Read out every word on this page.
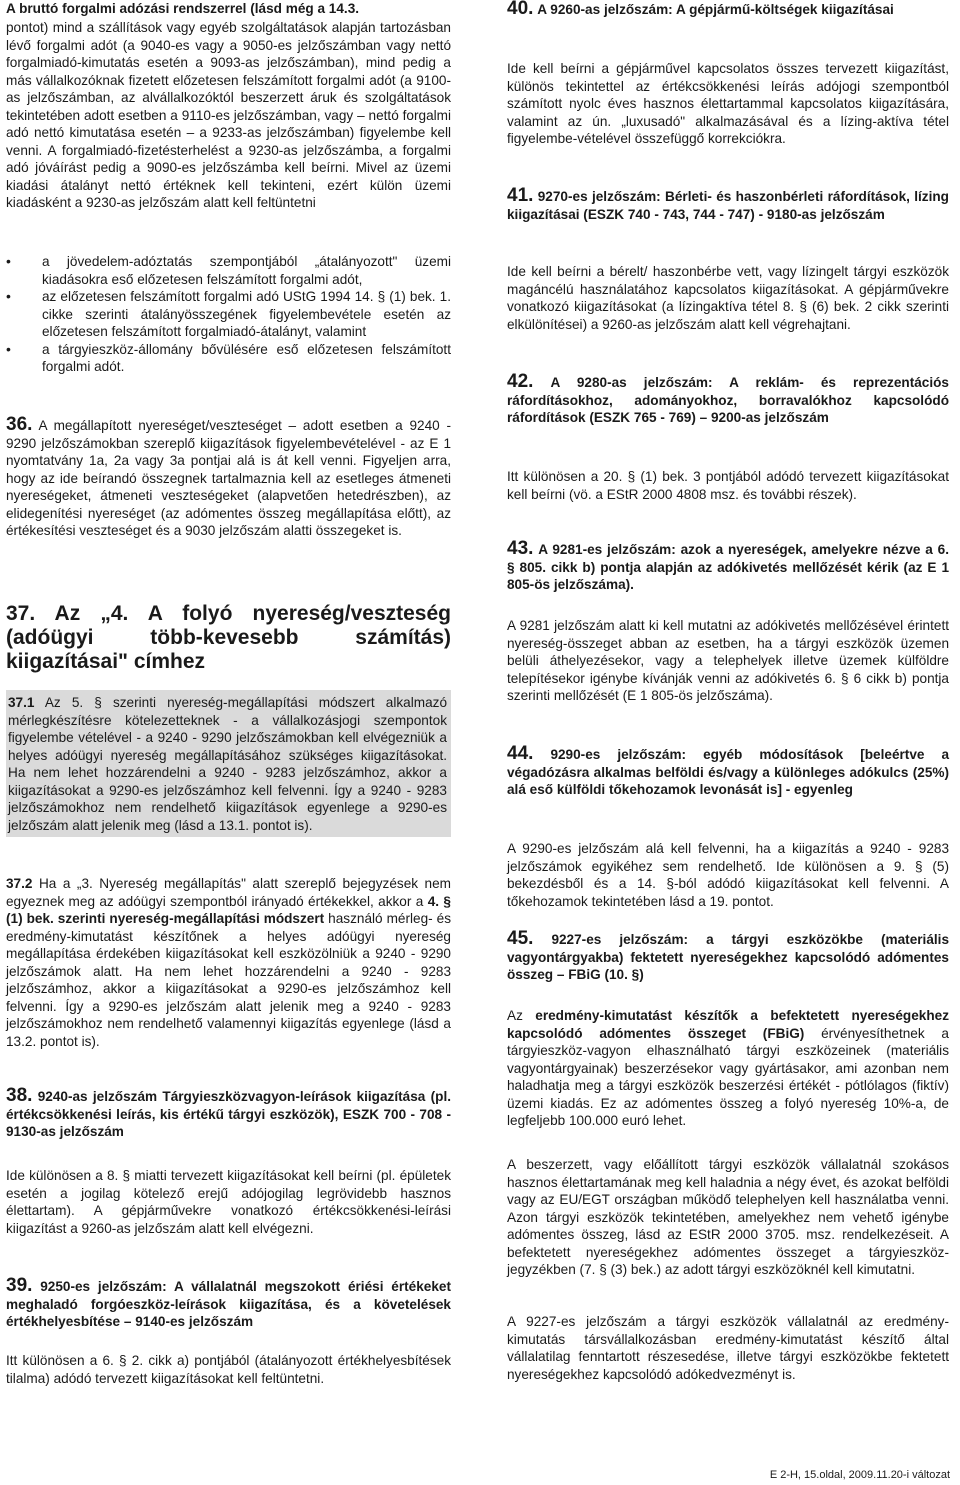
A bruttó forgalmi adózási rendszerrel (lásd még a 14.3.

pontot) mind a szállítások vagy egyéb szolgáltatások alapján tartozásban lévő forgalmi adót (a 9040-es vagy a 9050-es jelzőszámban vagy nettó forgalmiadó-kimutatás esetén a 9093-as jelzőszámban), mind pedig a más vállalkozóknak fizetett előzetesen felszámított forgalmi adót (a 9100-as jelzőszámban, az alvállalkozóktól beszerzett áruk és szolgáltatások tekintetében adott esetben a 9110-es jelzőszámban, vagy – nettó forgalmi adó nettó kimutatása esetén – a 9233-as jelzőszámban) figyelembe kell venni. A forgalmiadó-fizetésterhelést a 9230-as jelzőszámba, a forgalmi adó jóváírást pedig a 9090-es jelzőszámba kell beírni. Mivel az üzemi kiadási átalányt nettó értéknek kell tekinteni, ezért külön üzemi kiadásként a 9230-as jelzőszám alatt kell feltüntetni

• a jövedelem-adóztatás szempontjából „átalányozott" üzemi kiadásokra eső előzetesen felszámított forgalmi adót,
• az előzetesen felszámított forgalmi adó UStG 1994 14. § (1) bek. 1. cikke szerinti átalányösszegének figyelembevétele esetén az előzetesen felszámított forgalmiadó-átalányt, valamint
• a tárgyieszköz-állomány bővülésére eső előzetesen felszámított forgalmi adót.

36. A megállapított nyereséget/veszteséget – adott esetben a 9240 - 9290 jelzőszámokban szereplő kiigazítások figyelembevételével - az E 1 nyomtatvány 1a, 2a vagy 3a pontjai alá is át kell venni. Figyeljen arra, hogy az ide beírandó összegnek tartalmaznia kell az esetleges átmeneti nyereségeket, átmeneti veszteségeket (alapvetően hetedrészben), az elidegenítési nyereséget (az adómentes összeg megállapítása előtt), az értékesítési veszteséget és a 9030 jelzőszám alatti összegeket is.

37. Az „4. A folyó nyereség/veszteség (adóügyi több-kevesebb számítás) kiigazításai" címhez

37.1 Az 5. § szerinti nyereség-megállapítási módszert alkalmazó mérlegkészítésre kötelezetteknek - a vállalkozásjogi szempontok figyelembe vételével - a 9240 - 9290 jelzőszámokban kell elvégezniük a helyes adóügyi nyereség megállapításához szükséges kiigazításokat. Ha nem lehet hozzárendelni a 9240 - 9283 jelzőszámhoz, akkor a kiigazításokat a 9290-es jelzőszámhoz kell felvenni. Így a 9240 - 9283 jelzőszámokhoz nem rendelhető kiigazítások egyenlege a 9290-es jelzőszám alatt jelenik meg (lásd a 13.1. pontot is).

37.2 Ha a „3. Nyereség megállapítás" alatt szereplő bejegyzések nem egyeznek meg az adóügyi szempontból irányadó értékekkel, akkor a 4. § (1) bek. szerinti nyereség-megállapítási módszert használó mérleg- és eredmény-kimutatást készítőnek a helyes adóügyi nyereség megállapítása érdekében kiigazításokat kell eszközölniük a 9240 - 9290 jelzőszámok alatt. Ha nem lehet hozzárendelni a 9240 - 9283 jelzőszámhoz, akkor a kiigazításokat a 9290-es jelzőszámhoz kell felvenni. Így a 9290-es jelzőszám alatt jelenik meg a 9240 - 9283 jelzőszámokhoz nem rendelhető valamennyi kiigazítás egyenlege (lásd a 13.2. pontot is).

38. 9240-as jelzőszám Tárgyieszközvagyon-leírások kiigazítása (pl. értékcsökkenési leírás, kis értékű tárgyi eszközök), ESZK 700 - 708 - 9130-as jelzőszám

Ide különösen a 8. § miatti tervezett kiigazításokat kell beírni (pl. épületek esetén a jogilag kötelező erejű adójogilag legrövidebb hasznos élettartam). A gépjárművekre vonatkozó értékcsökkenési-leírási kiigazítást a 9260-as jelzőszám alatt kell elvégezni.

39. 9250-es jelzőszám: A vállalatnál megszokott ériési értékeket meghaladó forgóeszköz-leírások kiigazítása, és a követelések értékhelyesbítése – 9140-es jelzőszám

Itt különösen a 6. § 2. cikk a) pontjából (átalányozott értékhelyesbítések tilalma) adódó tervezett kiigazításokat kell feltüntetni.

40. A 9260-as jelzőszám: A gépjármű-költségek kiigazításai

Ide kell beírni a gépjárművel kapcsolatos összes tervezett kiigazítást, különös tekintettel az értékcsökkenési leírás adójogi szempontból számított nyolc éves hasznos élettartammal kapcsolatos kiigazítására, valamint az ún. „luxusadó" alkalmazásával és a lízing-aktíva tétel figyelembe-vételével összefüggő korrekciókra.

41. 9270-es jelzőszám: Bérleti- és haszonbérleti ráfordítások, lízing kiigazításai (ESZK 740 - 743, 744 - 747) - 9180-as jelzőszám

Ide kell beírni a bérelt/ haszonbérbe vett, vagy lízingelt tárgyi eszközök magáncélú használatához kapcsolatos kiigazításokat. A gépjárművekre vonatkozó kiigazításokat (a lízingaktíva tétel 8. § (6) bek. 2 cikk szerinti elkülönítései) a 9260-as jelzőszám alatt kell végrehajtani.

42. A 9280-as jelzőszám: A reklám- és reprezentációs ráfordításokhoz, adományokhoz, borravalókhoz kapcsolódó ráfordítások (ESZK 765 - 769) – 9200-as jelzőszám

Itt különösen a 20. § (1) bek. 3 pontjából adódó tervezett kiigazításokat kell beírni (vö. a EStR 2000 4808 msz. és további részek).

43. A 9281-es jelzőszám: azok a nyereségek, amelyekre nézve a 6. § 805. cikk b) pontja alapján az adókivetés mellőzését kérik (az E 1 805-ös jelzőszáma).

A 9281 jelzőszám alatt ki kell mutatni az adókivetés mellőzésével érintett nyereség-összeget abban az esetben, ha a tárgyi eszközök üzemen belüli áthelyezésekor, vagy a telephelyek illetve üzemek külföldre telepítésekor igénybe kívánják venni az adókivetés 6. § 6 cikk b) pontja szerinti mellőzését (E 1 805-ös jelzőszáma).

44. 9290-es jelzőszám: egyéb módosítások [beleértve a végadózásra alkalmas belföldi és/vagy a különleges adókulcs (25%) alá eső külföldi tőkehozamok levonását is] - egyenleg

A 9290-es jelzőszám alá kell felvenni, ha a kiigazítás a 9240 - 9283 jelzőszámok egyikéhez sem rendelhető. Ide különösen a 9. § (5) bekezdésből és a 14. §-ból adódó kiigazításokat kell felvenni. A tőkehozamok tekintetében lásd a 19. pontot.

45. 9227-es jelzőszám: a tárgyi eszközökbe (materiális vagyontárgyakba) fektetett nyereségekhez kapcsolódó adómentes összeg – FBiG (10. §)

Az eredmény-kimutatást készítők a befektetett nyereségekhez kapcsolódó adómentes összeget (FBiG) érvényesíthetnek a tárgyieszköz-vagyon elhasználható tárgyi eszközeinek (materiális vagyontárgyainak) beszerzésekor vagy gyártásakor, ami azonban nem haladhatja meg a tárgyi eszközök beszerzési értékét - pótlólagos (fiktív) üzemi kiadás. Ez az adómentes összeg a folyó nyereség 10%-a, de legfeljebb 100.000 euró lehet.

A beszerzett, vagy előállított tárgyi eszközök vállalatnál szokásos hasznos élettartamának meg kell haladnia a négy évet, és azokat belföldi vagy az EU/EGT országban működő telephelyen kell használatba venni. Azon tárgyi eszközök tekintetében, amelyekhez nem vehető igénybe adómentes összeg, lásd az EStR 2000 3705. msz. rendelkezéseit. A befektetett nyereségekhez adómentes összeget a tárgyieszköz-jegyzékben (7. § (3) bek.) az adott tárgyi eszközöknél kell kimutatni.

A 9227-es jelzőszám a tárgyi eszközök vállalatnál az eredmény-kimutatás társvállalkozásban eredmény-kimutatást készítő által vállalatilag fenntartott részesedése, illetve tárgyi eszközökbe fektetett nyereségekhez kapcsolódó adókedvezményt is.

E 2-H, 15.oldal, 2009.11.20-i változat
